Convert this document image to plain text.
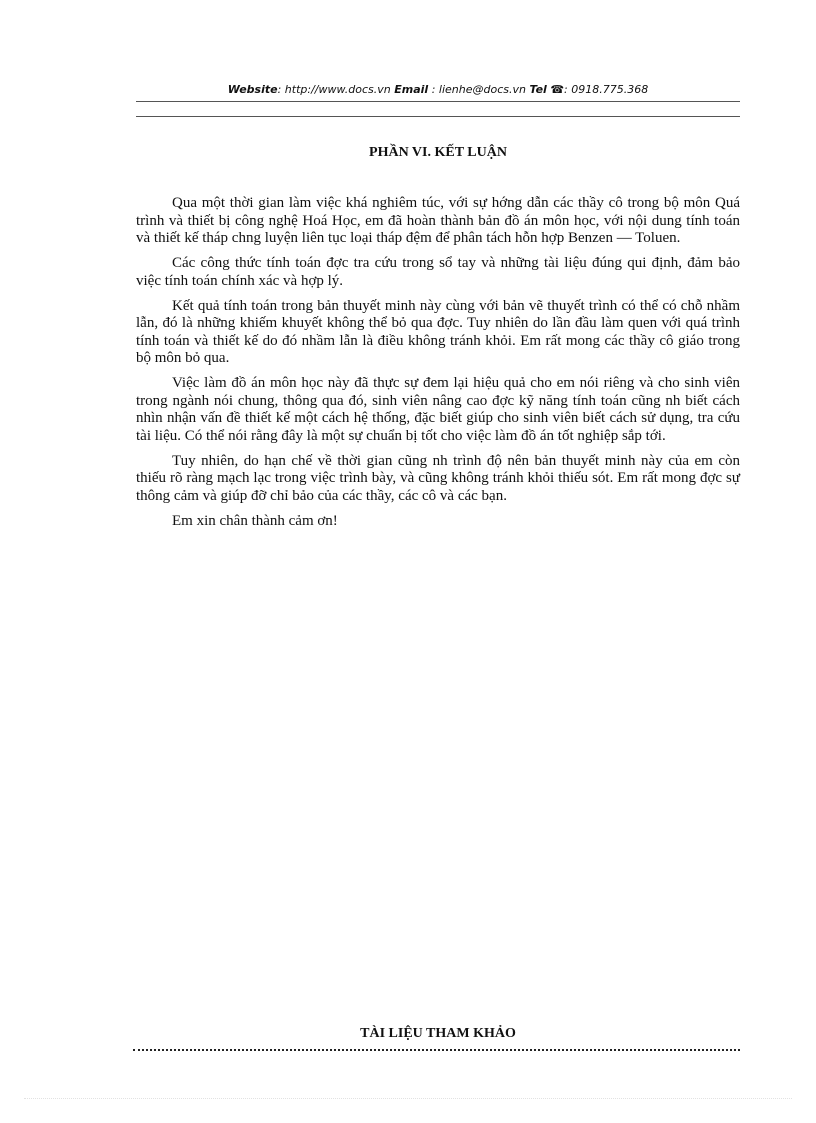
Website: http://www.docs.vn Email : lienhe@docs.vn Tel ☎: 0918.775.368
PHẦN VI. KẾT LUẬN

Qua một thời gian làm việc khá nghiêm túc, với sự hớng dẫn các thầy cô trong bộ môn Quá trình và thiết bị công nghệ Hoá Học, em đã hoàn thành bản đồ án môn học, với nội dung tính toán và thiết kế tháp chng luyện liên tục loại tháp đệm để phân tách hỗn hợp Benzen — Toluen.

Các công thức tính toán đợc tra cứu trong sổ tay và những tài liệu đúng qui định, đảm bảo việc tính toán chính xác và hợp lý.

Kết quả tính toán trong bản thuyết minh này cùng với bản vẽ thuyết trình có thể có chỗ nhầm lẫn, đó là những khiếm khuyết không thể bỏ qua đợc. Tuy nhiên do lần đầu làm quen với quá trình tính toán và thiết kế do đó nhầm lẫn là điều không tránh khỏi. Em rất mong các thầy cô giáo trong bộ môn bỏ qua.

Việc làm đồ án môn học này đã thực sự đem lại hiệu quả cho em nói riêng và cho sinh viên trong ngành nói chung, thông qua đó, sinh viên nâng cao đợc kỹ năng tính toán cũng nh biết cách nhìn nhận vấn đề thiết kế một cách hệ thống, đặc biết giúp cho sinh viên biết cách sử dụng, tra cứu tài liệu. Có thể nói rằng đây là một sự chuẩn bị tốt cho việc làm đồ án tốt nghiệp sắp tới.

Tuy nhiên, do hạn chế về thời gian cũng nh trình độ nên bản thuyết minh này của em còn thiếu rõ ràng mạch lạc trong việc trình bày, và cũng không tránh khỏi thiếu sót. Em rất mong đợc sự thông cảm và giúp đỡ chỉ bảo của các thầy, các cô và các bạn.

Em xin chân thành cảm ơn!

TÀI LIỆU THAM KHẢO
